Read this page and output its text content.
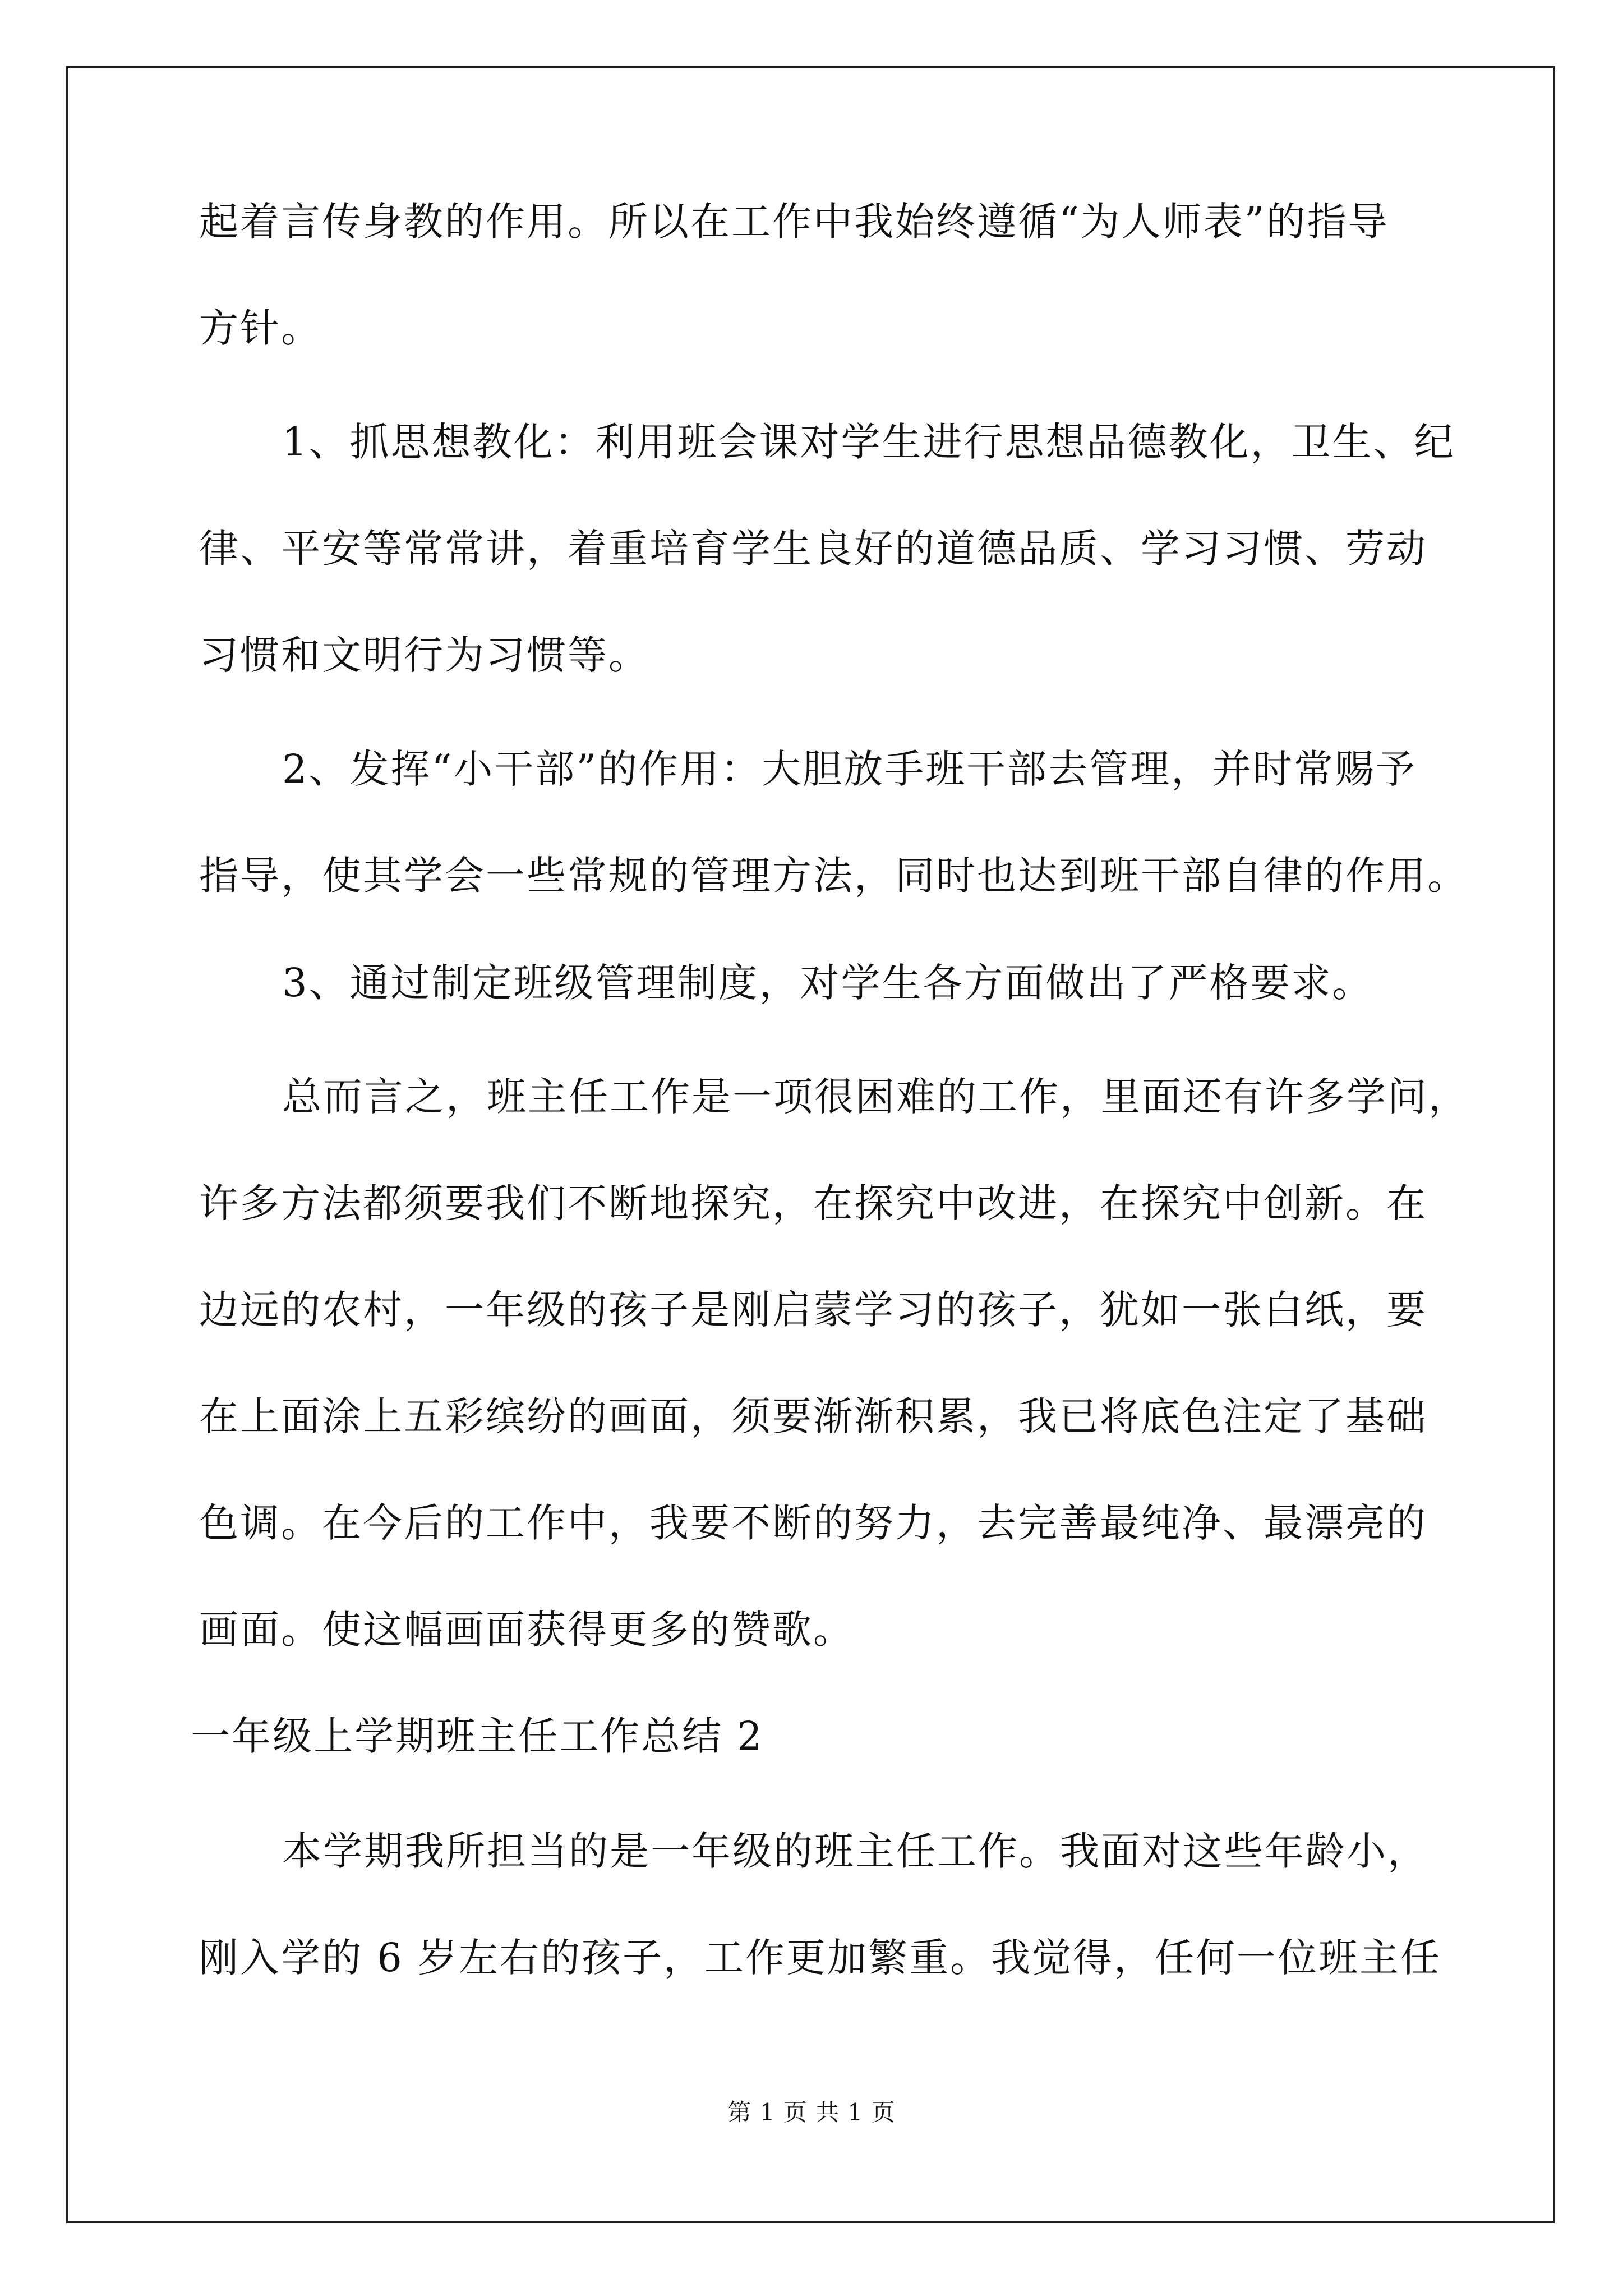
起着言传身教的作用。所以在工作中我始终遵循“为人师表”的指导

方针。

1、抓思想教化：利用班会课对学生进行思想品德教化，卫生、纪

律、平安等常常讲，着重培育学生良好的道德品质、学习习惯、劳动

习惯和文明行为习惯等。

2、发挥“小干部”的作用：大胆放手班干部去管理，并时常赐予

指导，使其学会一些常规的管理方法，同时也达到班干部自律的作用。

3、通过制定班级管理制度，对学生各方面做出了严格要求。

总而言之，班主任工作是一项很困难的工作，里面还有许多学问，

许多方法都须要我们不断地探究，在探究中改进，在探究中创新。在

边远的农村，一年级的孩子是刚启蒙学习的孩子，犹如一张白纸，要

在上面涂上五彩缤纷的画面，须要渐渐积累，我已将底色注定了基础

色调。在今后的工作中，我要不断的努力，去完善最纯净、最漂亮的

画面。使这幅画面获得更多的赞歌。

一年级上学期班主任工作总结 2

本学期我所担当的是一年级的班主任工作。我面对这些年龄小，

刚入学的 6 岁左右的孩子，工作更加繁重。我觉得，任何一位班主任

第 1 页 共 1 页
